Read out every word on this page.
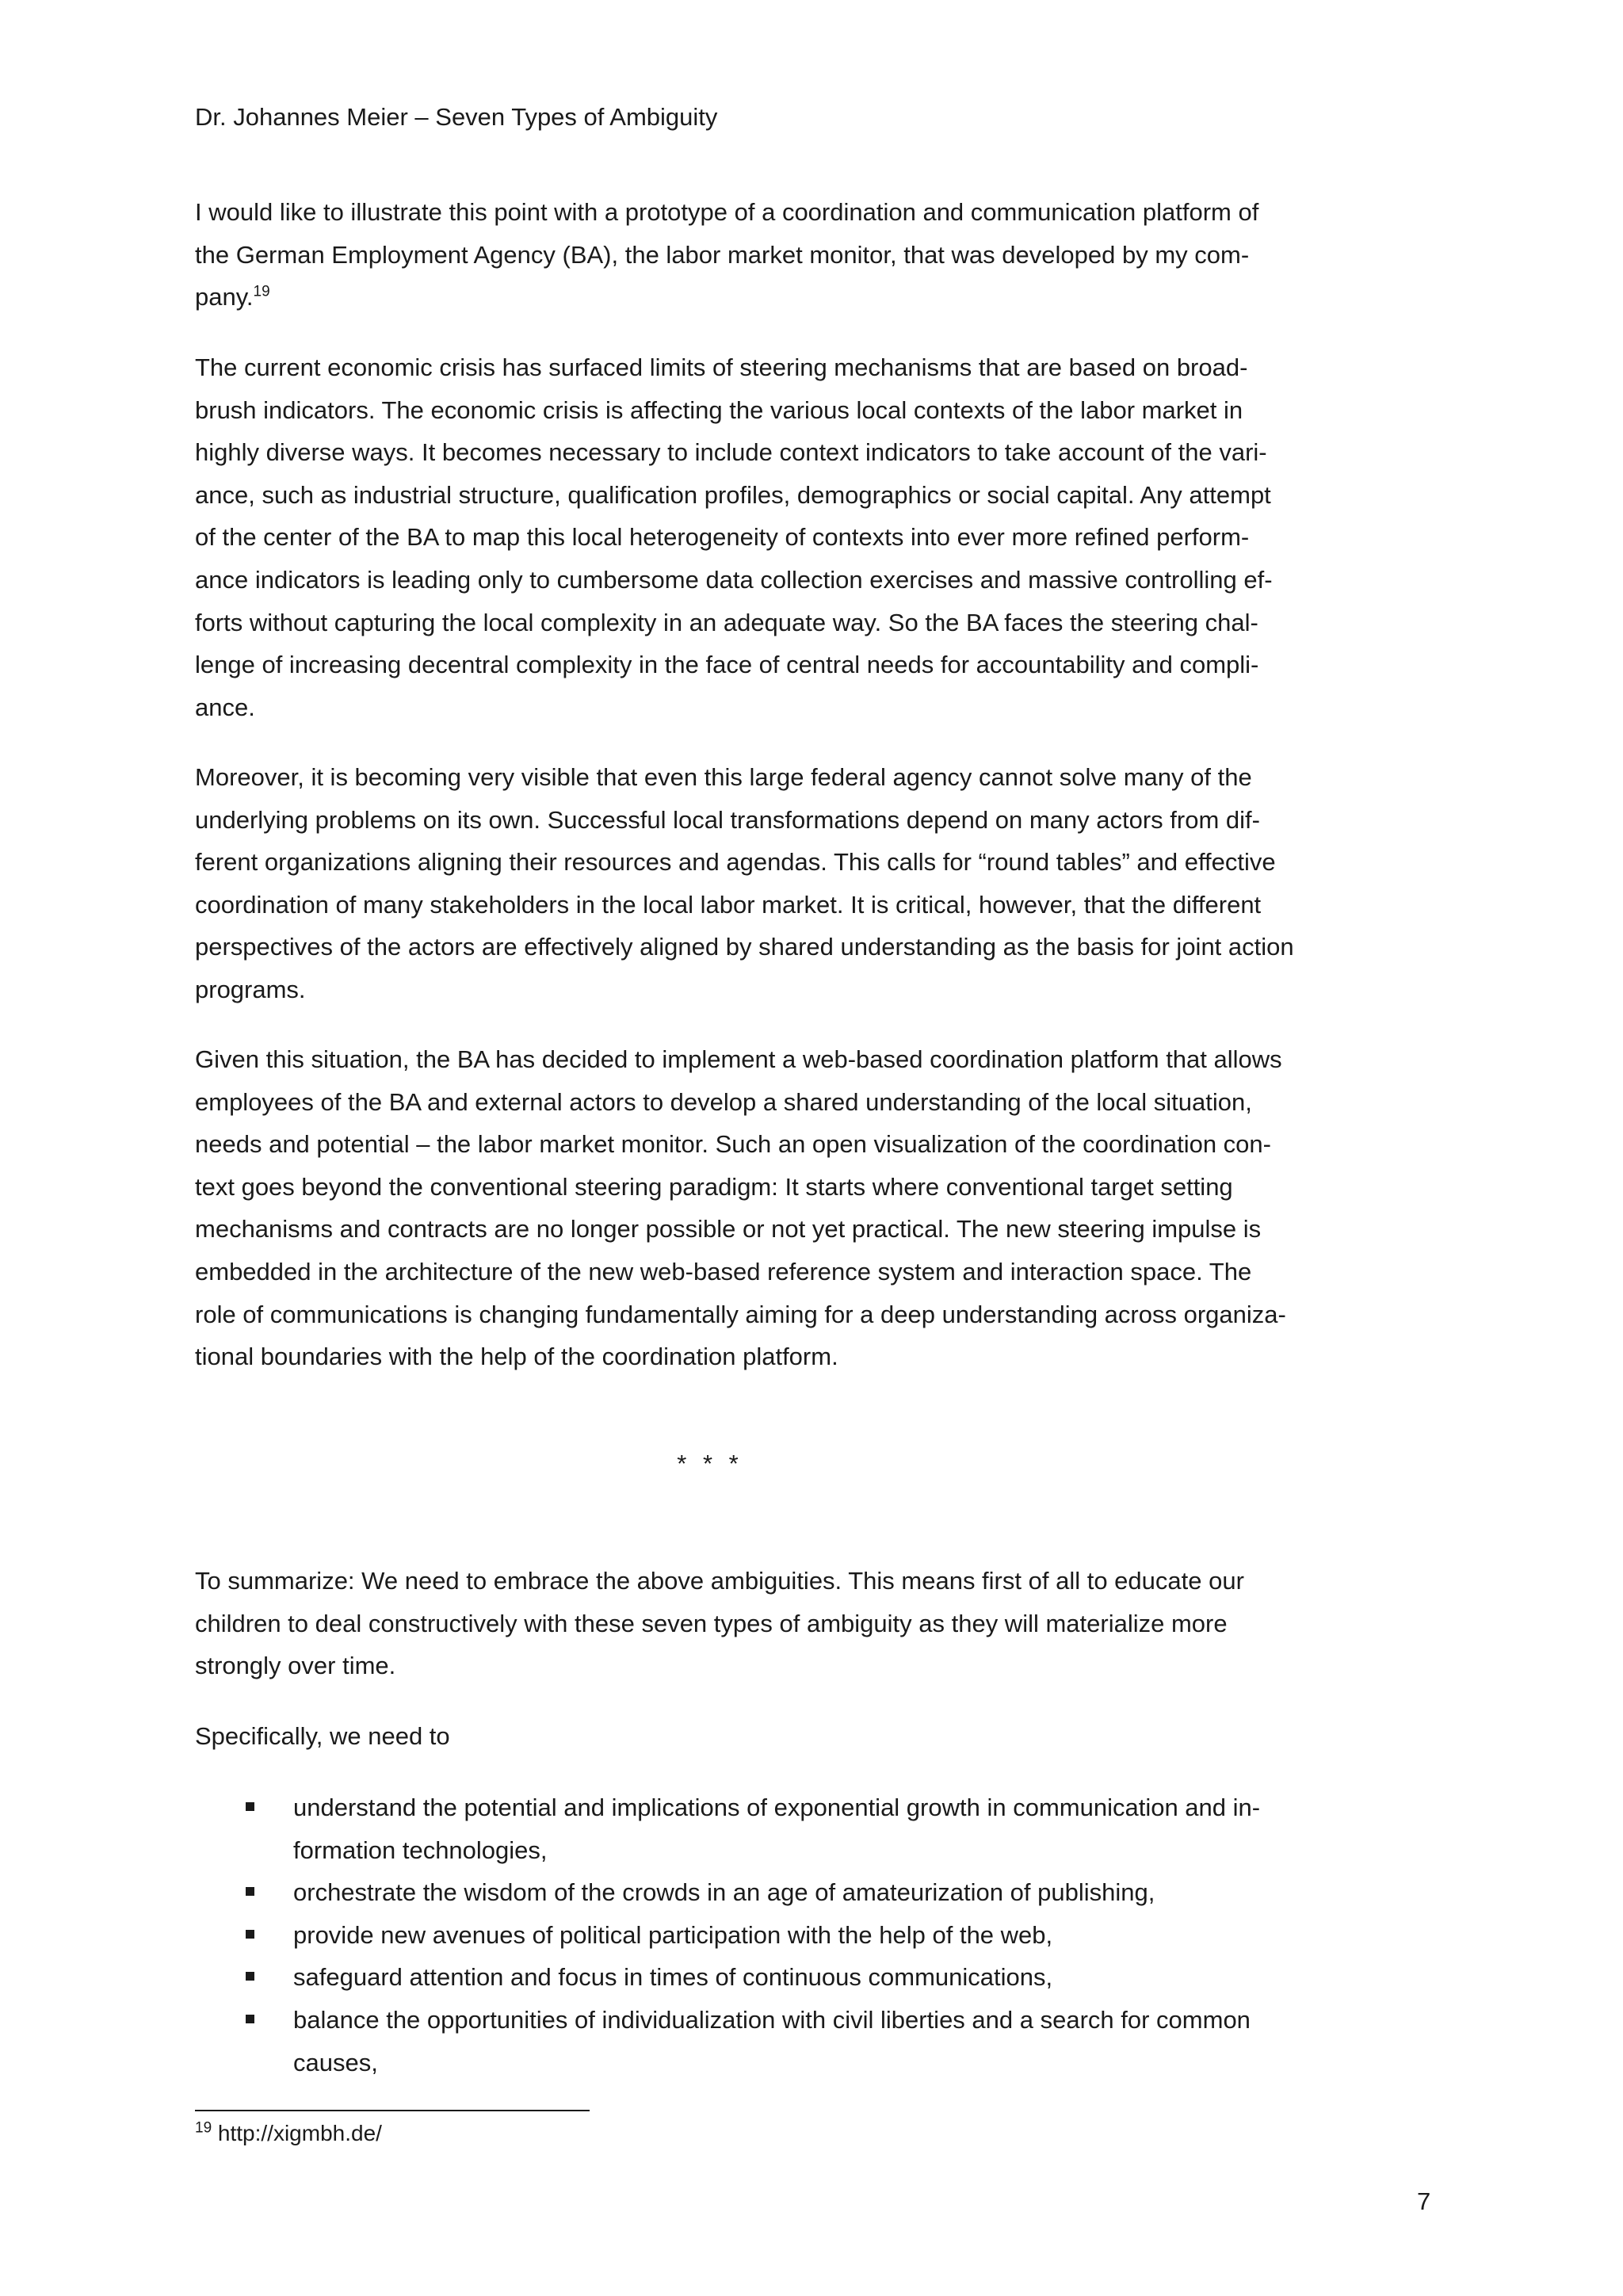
Dr. Johannes Meier – Seven Types of Ambiguity

I would like to illustrate this point with a prototype of a coordination and communication platform of
the German Employment Agency (BA), the labor market monitor, that was developed by my com-
pany.$^{19}$

The current economic crisis has surfaced limits of steering mechanisms that are based on broad-
brush indicators. The economic crisis is affecting the various local contexts of the labor market in
highly diverse ways. It becomes necessary to include context indicators to take account of the vari-
ance, such as industrial structure, qualification profiles, demographics or social capital. Any attempt
of the center of the BA to map this local heterogeneity of contexts into ever more refined perform-
ance indicators is leading only to cumbersome data collection exercises and massive controlling ef-
forts without capturing the local complexity in an adequate way. So the BA faces the steering chal-
lenge of increasing decentral complexity in the face of central needs for accountability and compli-
ance.

Moreover, it is becoming very visible that even this large federal agency cannot solve many of the
underlying problems on its own. Successful local transformations depend on many actors from dif-
ferent organizations aligning their resources and agendas. This calls for “round tables” and effective
coordination of many stakeholders in the local labor market. It is critical, however, that the different
perspectives of the actors are effectively aligned by shared understanding as the basis for joint action
programs.

Given this situation, the BA has decided to implement a web-based coordination platform that allows
employees of the BA and external actors to develop a shared understanding of the local situation,
needs and potential – the labor market monitor. Such an open visualization of the coordination con-
text goes beyond the conventional steering paradigm: It starts where conventional target setting
mechanisms and contracts are no longer possible or not yet practical. The new steering impulse is
embedded in the architecture of the new web-based reference system and interaction space. The
role of communications is changing fundamentally aiming for a deep understanding across organiza-
tional boundaries with the help of the coordination platform.

* * *

To summarize: We need to embrace the above ambiguities. This means first of all to educate our
children to deal constructively with these seven types of ambiguity as they will materialize more
strongly over time.

Specifically, we need to

understand the potential and implications of exponential growth in communication and in-
formation technologies,
orchestrate the wisdom of the crowds in an age of amateurization of publishing,
provide new avenues of political participation with the help of the web,
safeguard attention and focus in times of continuous communications,
balance the opportunities of individualization with civil liberties and a search for common
causes,
$^{19}$ http://xigmbh.de/
7
